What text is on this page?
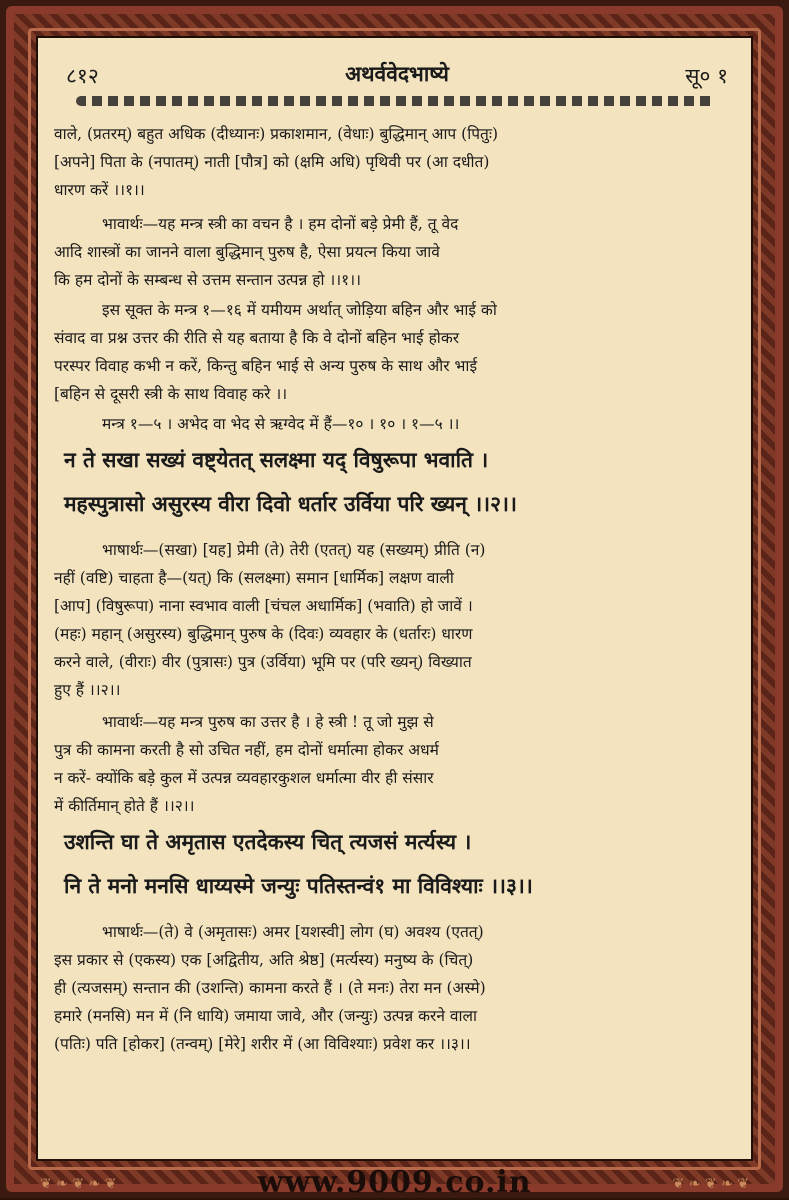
८१२	अथर्ववेदभाष्ये	सू० १
वाले, (प्रतरम्) बहुत अधिक (दीध्यानः) प्रकाशमान, (वेधाः) बुद्धिमान् आप (पितुः)
[अपने] पिता के (नपातम्) नाती [पौत्र] को (क्षमि अधि) पृथिवी पर (आ दधीत)
धारण करें ।।१।।
भावार्थः—यह मन्त्र स्त्री का वचन है । हम दोनों बड़े प्रेमी हैं, तू वेद
आदि शास्त्रों का जानने वाला बुद्धिमान् पुरुष है, ऐसा प्रयत्न किया जावे
कि हम दोनों के सम्बन्ध से उत्तम सन्तान उत्पन्न हो ।।१।।
इस सूक्त के मन्त्र १—१६ में यमीयम अर्थात् जोड़िया बहिन और भाई को
संवाद वा प्रश्न उत्तर की रीति से यह बताया है कि वे दोनों बहिन भाई होकर
परस्पर विवाह कभी न करें, किन्तु बहिन भाई से अन्य पुरुष के साथ और भाई
[बहिन से दूसरी स्त्री के साथ विवाह करे ।।
मन्त्र १—५ । अभेद वा भेद से ऋग्वेद में हैं—१० । १० । १—५ ।।
न ते सखा सख्यं वष्ट्येतत् सलक्ष्मा यद् विषुरूपा भवाति ।
महस्पुत्रासो असुरस्य वीरा दिवो धर्तार उर्विया परि ख्यन् ।।२।।
भाषार्थः—(सखा) [यह] प्रेमी (ते) तेरी (एतत्) यह (सख्यम्) प्रीति (न)
नहीं (वष्टि) चाहता है—(यत्) कि (सलक्ष्मा) समान [धार्मिक] लक्षण वाली
[आप] (विषुरूपा) नाना स्वभाव वाली [चंचल अधार्मिक] (भवाति) हो जावें ।
(महः) महान् (असुरस्य) बुद्धिमान् पुरुष के (दिवः) व्यवहार के (धर्तारः) धारण
करने वाले, (वीराः) वीर (पुत्रासः) पुत्र (उर्विया) भूमि पर (परि ख्यन्) विख्यात
हुए हैं ।।२।।
भावार्थः—यह मन्त्र पुरुष का उत्तर है । हे स्त्री ! तू जो मुझ से
पुत्र की कामना करती है सो उचित नहीं, हम दोनों धर्मात्मा होकर अधर्म
न करें- क्योंकि बड़े कुल में उत्पन्न व्यवहारकुशल धर्मात्मा वीर ही संसार
में कीर्तिमान् होते हैं ।।२।।
उशन्ति घा ते अमृतास एतदेकस्य चित् त्यजसं मर्त्यस्य ।
नि ते मनो मनसि धाय्यस्मे जन्युः पतिस्तन्वं१ मा विविश्याः ।।३।।
भाषार्थः—(ते) वे (अमृतासः) अमर [यशस्वी] लोग (घ) अवश्य (एतत्)
इस प्रकार से (एकस्य) एक [अद्वितीय, अति श्रेष्ठ] (मर्त्यस्य) मनुष्य के (चित्)
ही (त्यजसम्) सन्तान की (उशन्ति) कामना करते हैं । (ते मनः) तेरा मन (अस्मे)
हमारे (मनसि) मन में (नि धायि) जमाया जावे, और (जन्युः) उत्पन्न करने वाला
(पतिः) पति [होकर] (तन्वम्) [मेरे] शरीर में (आ विविश्याः) प्रवेश कर ।।३।।
❦ ❧ ❦ ❧ ❦	❦ ❧ ❦ ❧ ❦
www.9009.co.in
